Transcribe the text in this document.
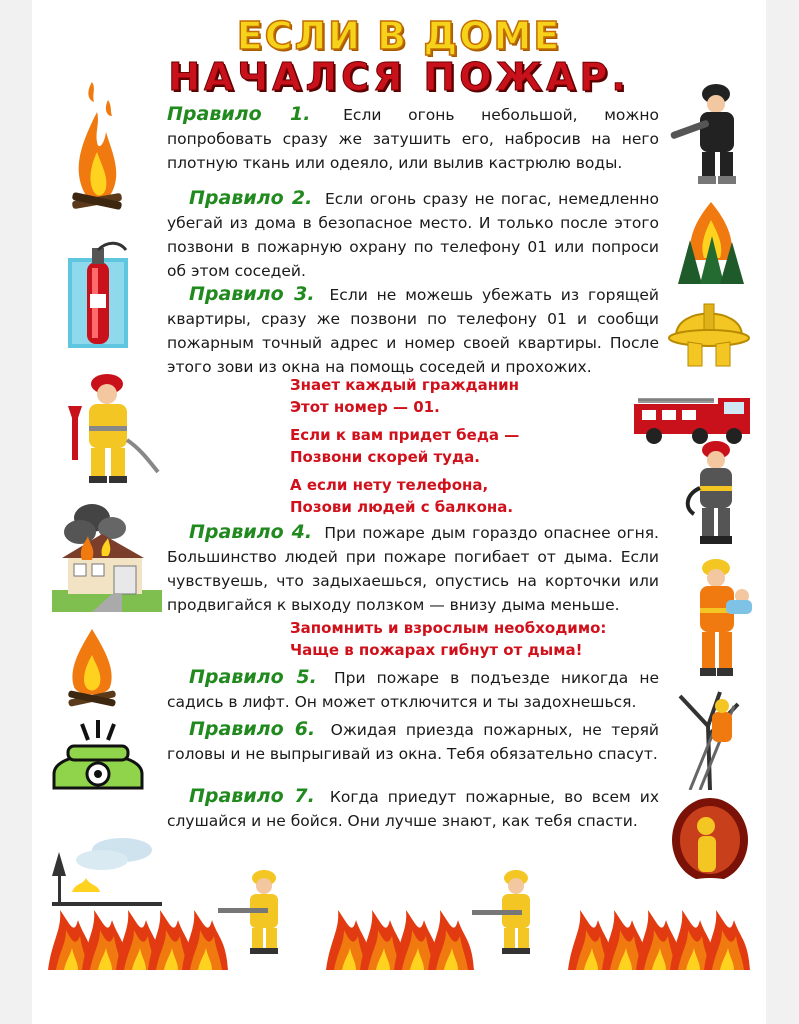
ЕСЛИ В ДОМЕ
НАЧАЛСЯ ПОЖАР.

Правило 1. Если огонь небольшой, можно попробовать сразу же затушить его, набросив на него плотную ткань или одеяло, или вылив кастрюлю воды.

Правило 2. Если огонь сразу не погас, немедленно убегай из дома в безопасное место. И только после этого позвони в пожарную охрану по телефону 01 или попроси об этом соседей.

Правило 3. Если не можешь убежать из горящей квартиры, сразу же позвони по телефону 01 и сообщи пожарным точный адрес и номер своей квартиры. После этого зови из окна на помощь соседей и прохожих.

Знает каждый гражданин

Этот номер — 01.

Если к вам придет беда —

Позвони скорей туда.

А если нету телефона,

Позови людей с балкона.

Правило 4. При пожаре дым гораздо опаснее огня. Большинство людей при пожаре погибает от дыма. Если чувствуешь, что задыхаешься, опустись на корточки или продвигайся к выходу ползком — внизу дыма меньше.

Запомнить и взрослым необходимо:

Чаще в пожарах гибнут от дыма!

Правило 5. При пожаре в подъезде никогда не садись в лифт. Он может отключится и ты задохнешься.

Правило 6. Ожидая приезда пожарных, не теряй головы и не выпрыгивай из окна. Тебя обязательно спасут.

Правило 7. Когда приедут пожарные, во всем их слушайся и не бойся. Они лучше знают, как тебя спасти.
